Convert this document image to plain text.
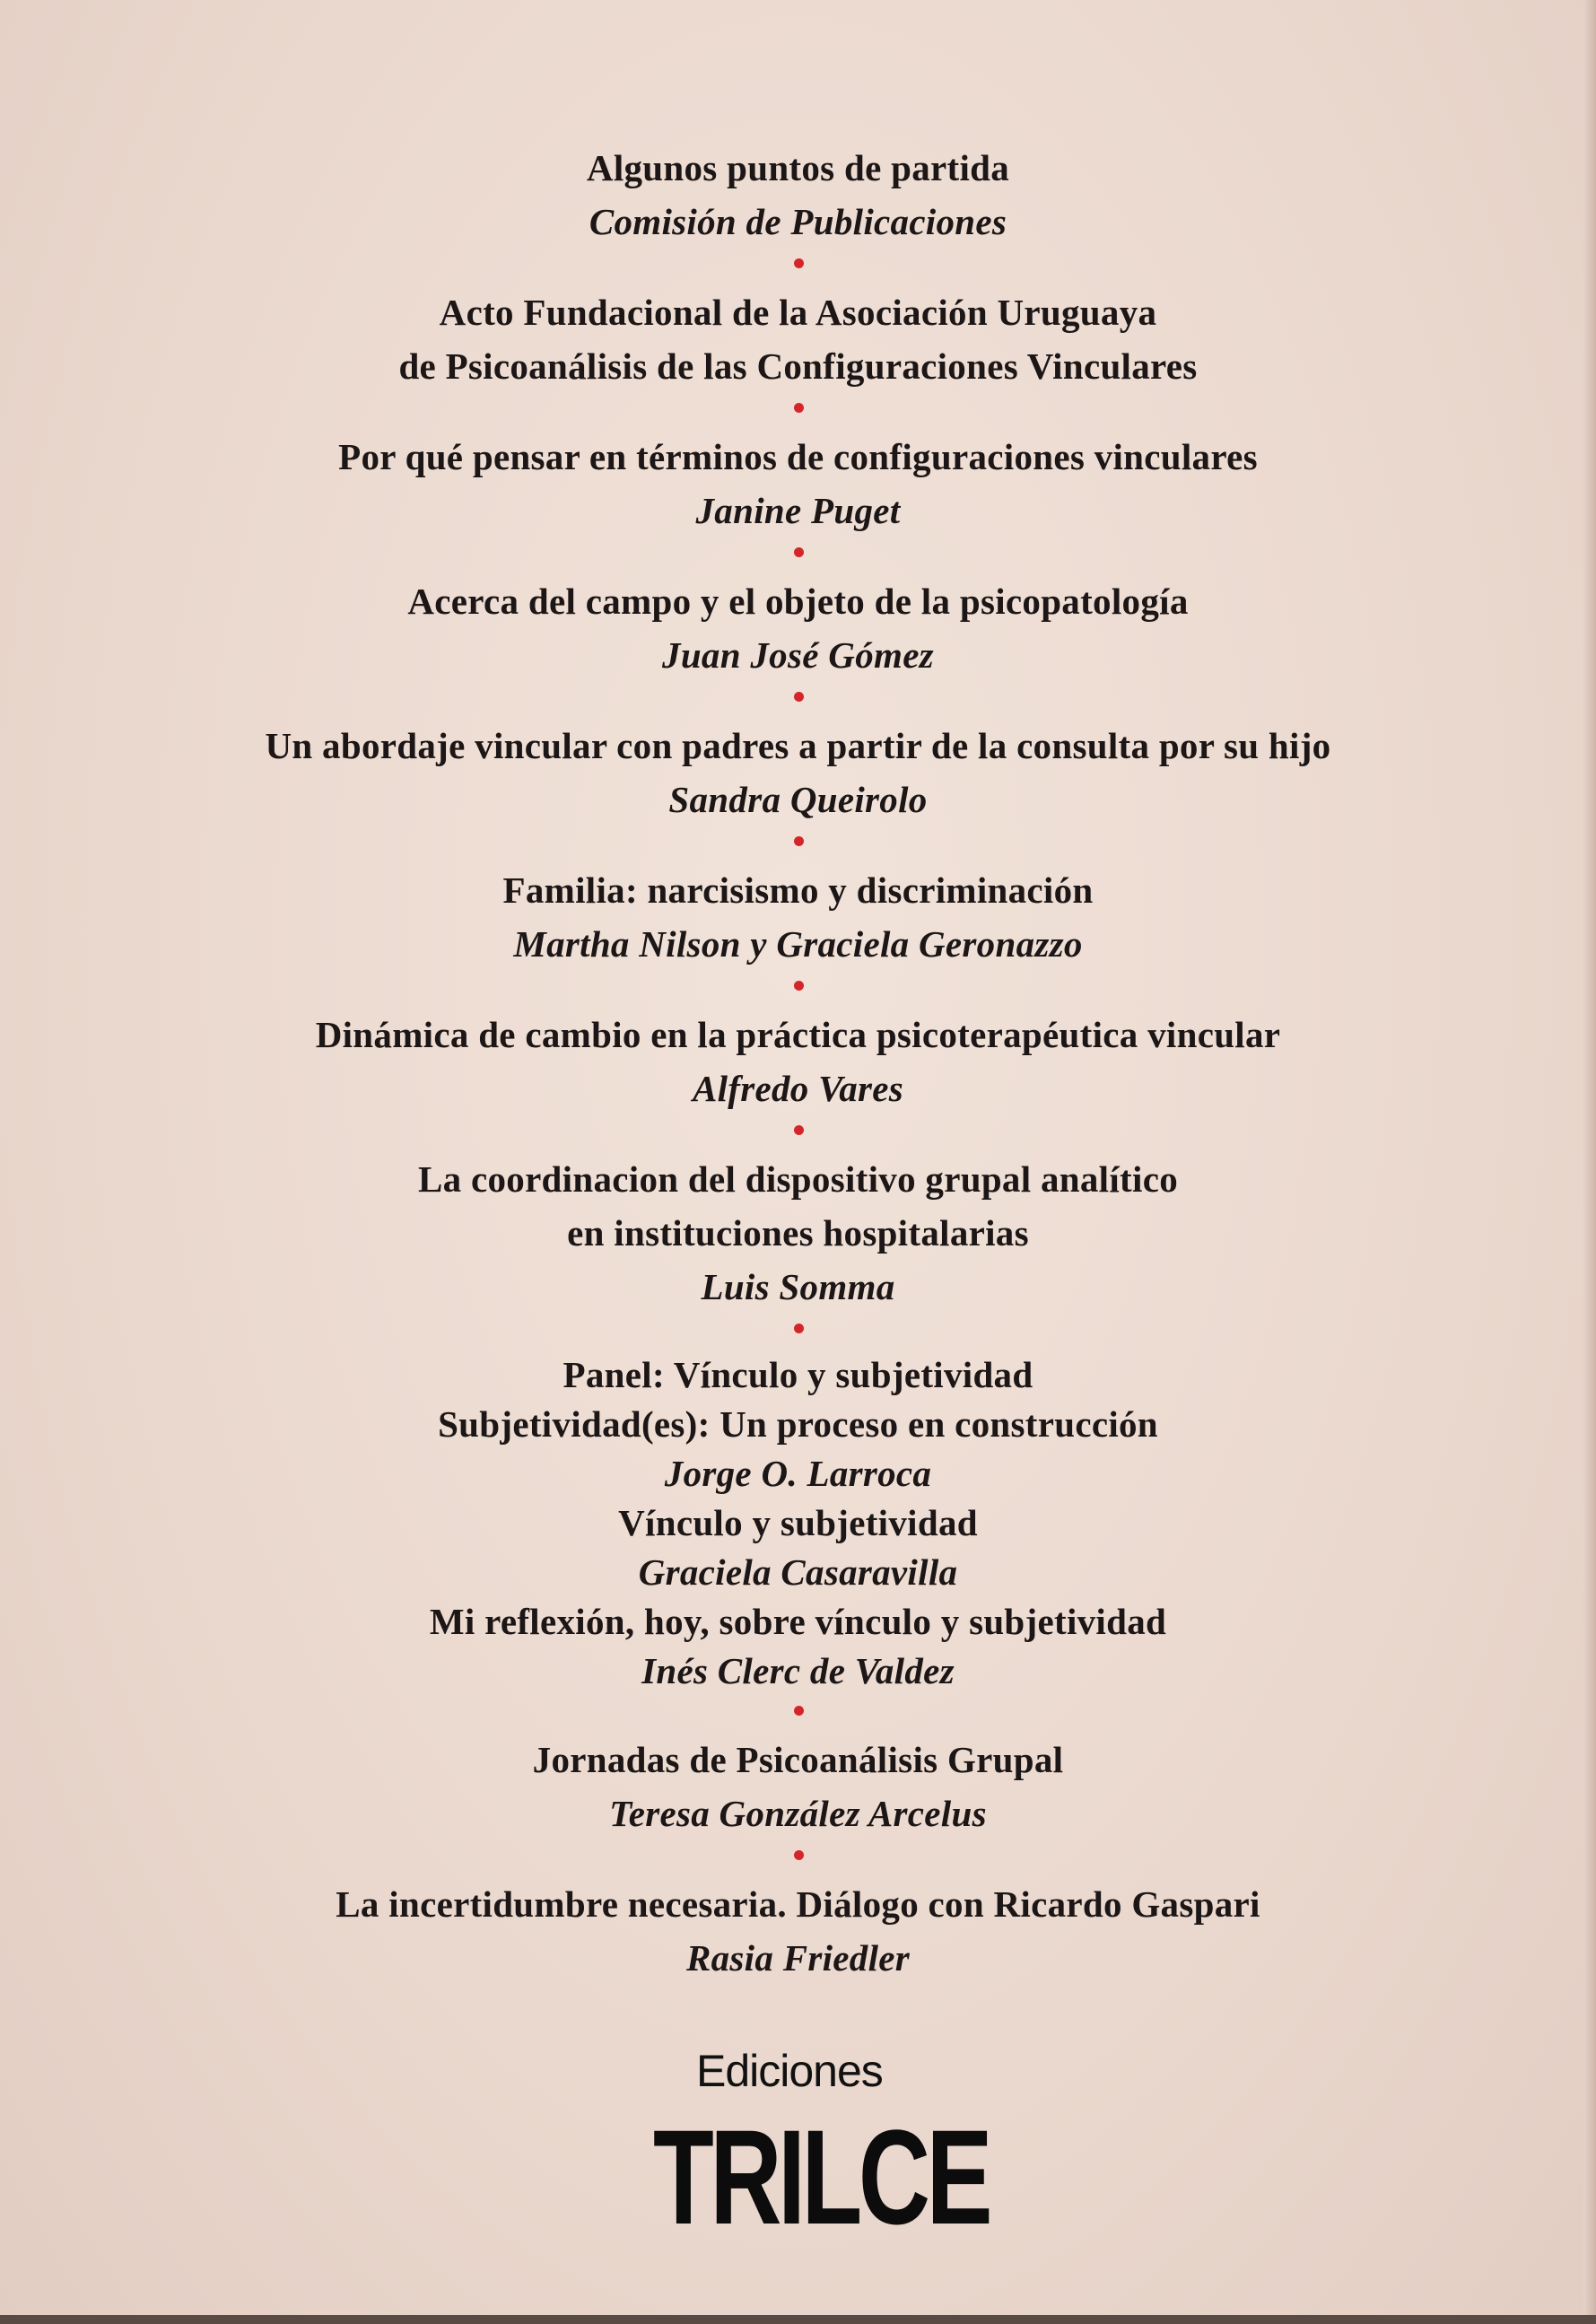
Algunos puntos de partida
Comisión de Publicaciones
Acto Fundacional de la Asociación Uruguaya
de Psicoanálisis de las Configuraciones Vinculares
Por qué pensar en términos de configuraciones vinculares
Janine Puget
Acerca del campo y el objeto de la psicopatología
Juan José Gómez
Un abordaje vincular con padres a partir de la consulta por su hijo
Sandra Queirolo
Familia: narcisismo y discriminación
Martha Nilson y Graciela Geronazzo
Dinámica de cambio en la práctica psicoterapéutica vincular
Alfredo Vares
La coordinacion del dispositivo grupal analítico
en instituciones hospitalarias
Luis Somma
Panel: Vínculo y subjetividad
Subjetividad(es): Un proceso en construcción
Jorge O. Larroca
Vínculo y subjetividad
Graciela Casaravilla
Mi reflexión, hoy, sobre vínculo y subjetividad
Inés Clerc de Valdez
Jornadas de Psicoanálisis Grupal
Teresa González Arcelus
La incertidumbre necesaria. Diálogo con Ricardo Gaspari
Rasia Friedler
Ediciones
TRILCE
